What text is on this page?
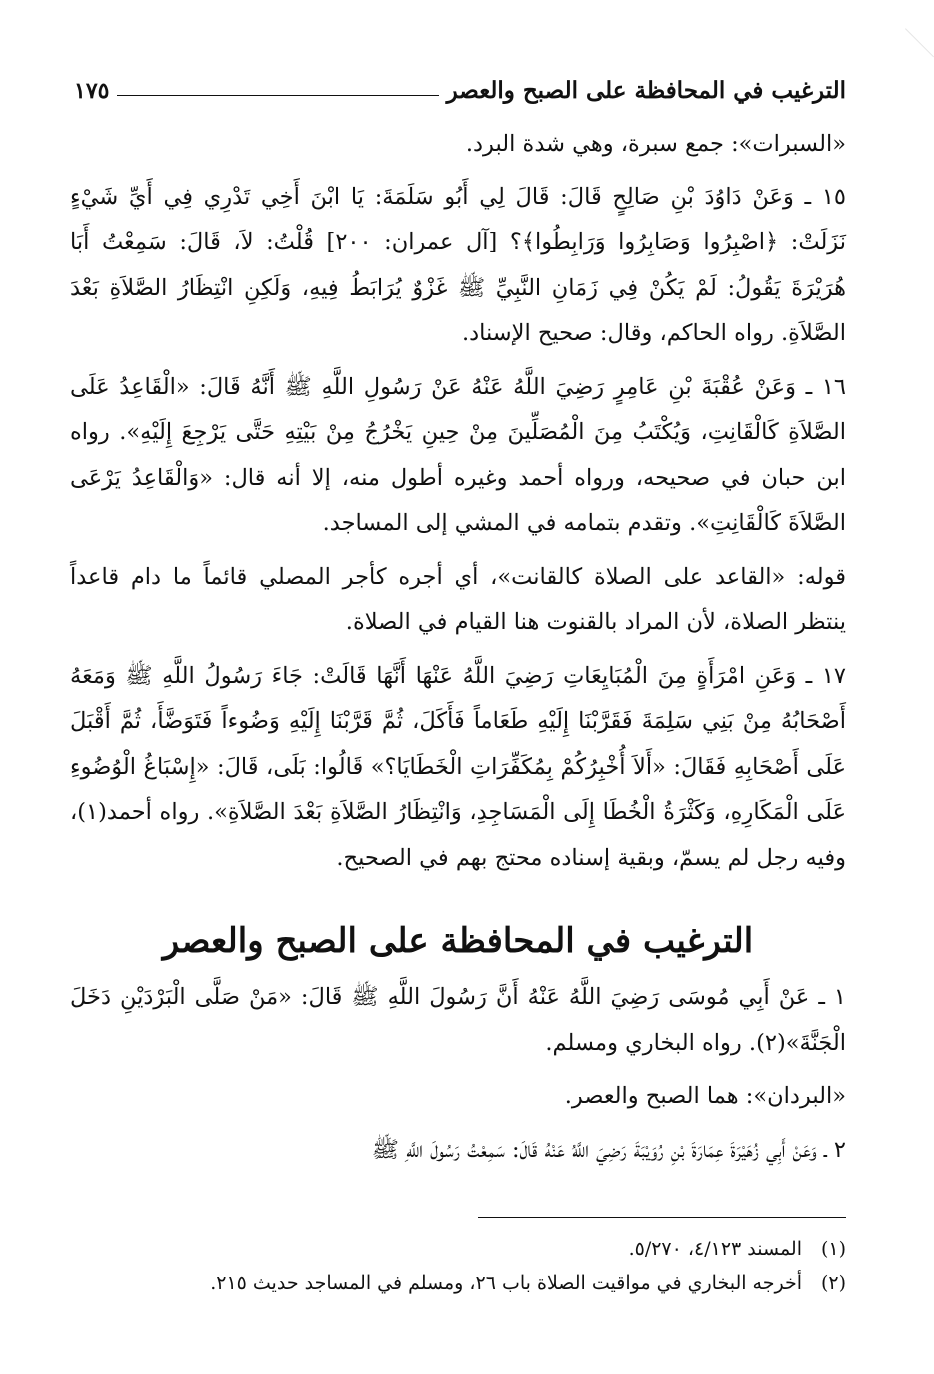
الترغيب في المحافظة على الصبح والعصر
١٧٥

«السبرات»: جمع سبرة، وهي شدة البرد.

١٥ ـ وَعَنْ دَاوُدَ بْنِ صَالِحٍ قَالَ: قَالَ لِي أَبُو سَلَمَةَ: يَا ابْنَ أَخِي تَدْرِي فِي أَيِّ شَيْءٍ نَزَلَتْ: ﴿اصْبِرُوا وَصَابِرُوا وَرَابِطُوا﴾؟ [آل عمران: ٢٠٠] قُلْتُ: لاَ، قَالَ: سَمِعْتُ أَبَا هُرَيْرَةَ يَقُولُ: لَمْ يَكُنْ فِي زَمَانِ النَّبِيِّ ﷺ غَزْوٌ يُرَابَطُ فِيهِ، وَلَكِنِ انْتِظَارُ الصَّلاَةِ بَعْدَ الصَّلاَةِ. رواه الحاكم، وقال: صحيح الإسناد.

١٦ ـ وَعَنْ عُقْبَةَ بْنِ عَامِرٍ رَضِيَ اللَّهُ عَنْهُ عَنْ رَسُولِ اللَّهِ ﷺ أَنَّهُ قَالَ: «الْقَاعِدُ عَلَى الصَّلاَةِ كَالْقَانِتِ، وَيُكْتَبُ مِنَ الْمُصَلِّينَ مِنْ حِينِ يَخْرُجُ مِنْ بَيْتِهِ حَتَّى يَرْجِعَ إِلَيْهِ». رواه ابن حبان في صحيحه، ورواه أحمد وغيره أطول منه، إلا أنه قال: «وَالْقَاعِدُ يَرْعَى الصَّلاَةَ كَالْقَانِتِ». وتقدم بتمامه في المشي إلى المساجد.

قوله: «القاعد على الصلاة كالقانت»، أي أجره كأجر المصلي قائماً ما دام قاعداً ينتظر الصلاة، لأن المراد بالقنوت هنا القيام في الصلاة.

١٧ ـ وَعَنِ امْرَأَةٍ مِنَ الْمُبَايِعَاتِ رَضِيَ اللَّهُ عَنْهَا أَنَّهَا قَالَتْ: جَاءَ رَسُولُ اللَّهِ ﷺ وَمَعَهُ أَصْحَابُهُ مِنْ بَنِي سَلِمَةَ فَقَرَّبْنَا إِلَيْهِ طَعَاماً فَأَكَلَ، ثُمَّ قَرَّبْنَا إِلَيْهِ وَضُوءاً فَتَوَضَّأَ، ثُمَّ أَقْبَلَ عَلَى أَصْحَابِهِ فَقَالَ: «أَلاَ أُخْبِرُكُمْ بِمُكَفِّرَاتِ الْخَطَايَا؟» قَالُوا: بَلَى، قَالَ: «إِسْبَاغُ الْوُضُوءِ عَلَى الْمَكَارِهِ، وَكَثْرَةُ الْخُطَا إِلَى الْمَسَاجِدِ، وَانْتِظَارُ الصَّلاَةِ بَعْدَ الصَّلاَةِ». رواه أحمد(١)، وفيه رجل لم يسمّ، وبقية إسناده محتج بهم في الصحيح.

الترغيب في المحافظة على الصبح والعصر

١ ـ عَنْ أَبِي مُوسَى رَضِيَ اللَّهُ عَنْهُ أَنَّ رَسُولَ اللَّهِ ﷺ قَالَ: «مَنْ صَلَّى الْبَرْدَيْنِ دَخَلَ الْجَنَّةَ»(٢). رواه البخاري ومسلم.

«البردان»: هما الصبح والعصر.

٢ ـ وَعَنْ أَبِي زُهَيْرَةَ عِمَارَةَ بْنِ رُوَيْبَةَ رَضِيَ اللَّهُ عَنْهُ قَالَ: سَمِعْتُ رَسُولَ اللَّهِ ﷺ

(١)
المسند ٤/١٢٣، ٥/٢٧٠.
(٢)
أخرجه البخاري في مواقيت الصلاة باب ٢٦، ومسلم في المساجد حديث ٢١٥.
